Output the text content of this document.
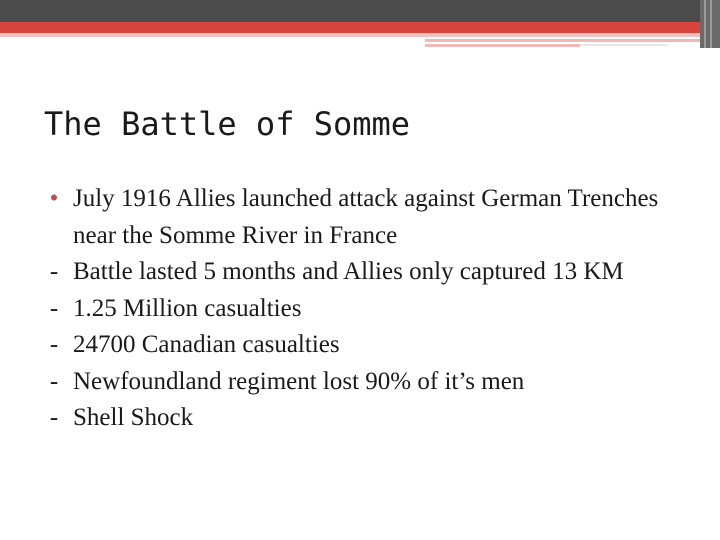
The Battle of Somme
• July 1916 Allies launched attack against German Trenches near the Somme River in France
- Battle lasted 5 months and Allies only captured 13 KM
- 1.25 Million casualties
- 24700 Canadian casualties
- Newfoundland regiment lost 90% of it’s men
- Shell Shock
